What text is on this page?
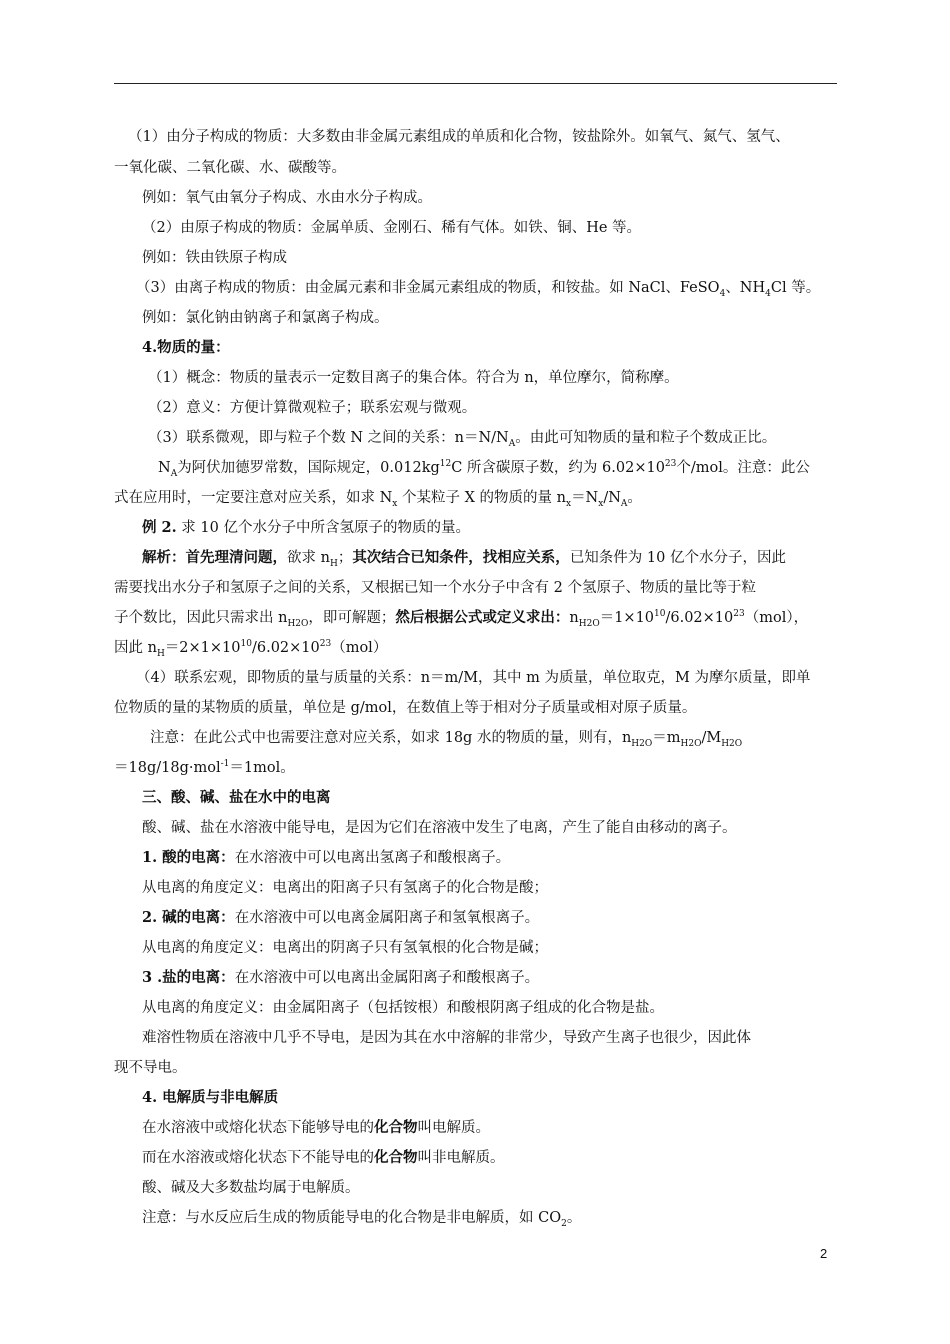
（1）由分子构成的物质：大多数由非金属元素组成的单质和化合物，铵盐除外。如氧气、氮气、氢气、
一氧化碳、二氧化碳、水、碳酸等。
例如：氧气由氧分子构成、水由水分子构成。
（2）由原子构成的物质：金属单质、金刚石、稀有气体。如铁、铜、He 等。
例如：铁由铁原子构成
（3）由离子构成的物质：由金属元素和非金属元素组成的物质，和铵盐。如 NaCl、FeSO$_4$、$NH_4Cl$ 等。
例如：氯化钠由钠离子和氯离子构成。
4.物质的量：
（1）概念：物质的量表示一定数目离子的集合体。符合为 n，单位摩尔，简称摩。
（2）意义：方便计算微观粒子；联系宏观与微观。
（3）联系微观，即与粒子个数 N 之间的关系：$n=N/N_A$。由此可知物质的量和粒子个数成正比。
$N_A$为阿伏加德罗常数，国际规定，$0.012kg^{12}C$ 所含碳原子数，约为 $6.02\times 10^{23}$个/mol。注意：此公
式在应用时，一定要注意对应关系，如求 $N_x$ 个某粒子 X 的物质的量 $n_x=N_x/N_A$。
例 2. 求 10 亿个水分子中所含氢原子的物质的量。
解析：首先理清问题，欲求 $n_H$；其次结合已知条件，找相应关系，已知条件为 10 亿个水分子，因此
需要找出水分子和氢原子之间的关系，又根据已知一个水分子中含有 2 个氢原子、物质的量比等于粒
子个数比，因此只需求出 $n_{H2O}$，即可解题；然后根据公式或定义求出：$n_{H2O}=1\times 10^{10}/6.02\times 10^{23}(mol)$，
因此 $n_H=2\times 1\times 10^{10}/6.02\times 10^{23}(mol)$
（4）联系宏观，即物质的量与质量的关系：n＝m/M，其中 m 为质量，单位取克，M 为摩尔质量，即单
位物质的量的某物质的质量，单位是 g/mol，在数值上等于相对分子质量或相对原子质量。
注意：在此公式中也需要注意对应关系，如求 18g 水的物质的量，则有，$n_{H2O}=m_{H2O}/M_{H2O}$
＝18g/18g·mol$^{-1}$＝1mol。
三、酸、碱、盐在水中的电离
酸、碱、盐在水溶液中能导电，是因为它们在溶液中发生了电离，产生了能自由移动的离子。
1. 酸的电离：在水溶液中可以电离出氢离子和酸根离子。
从电离的角度定义：电离出的阳离子只有氢离子的化合物是酸；
2. 碱的电离：在水溶液中可以电离金属阳离子和氢氧根离子。
从电离的角度定义：电离出的阴离子只有氢氧根的化合物是碱；
3 .盐的电离：在水溶液中可以电离出金属阳离子和酸根离子。
从电离的角度定义：由金属阳离子（包括铵根）和酸根阴离子组成的化合物是盐。
难溶性物质在溶液中几乎不导电，是因为其在水中溶解的非常少，导致产生离子也很少，因此体
现不导电。
4. 电解质与非电解质
在水溶液中或熔化状态下能够导电的化合物叫电解质。
而在水溶液或熔化状态下不能导电的化合物叫非电解质。
酸、碱及大多数盐均属于电解质。
注意：与水反应后生成的物质能导电的化合物是非电解质，如 $CO_2$。
2
